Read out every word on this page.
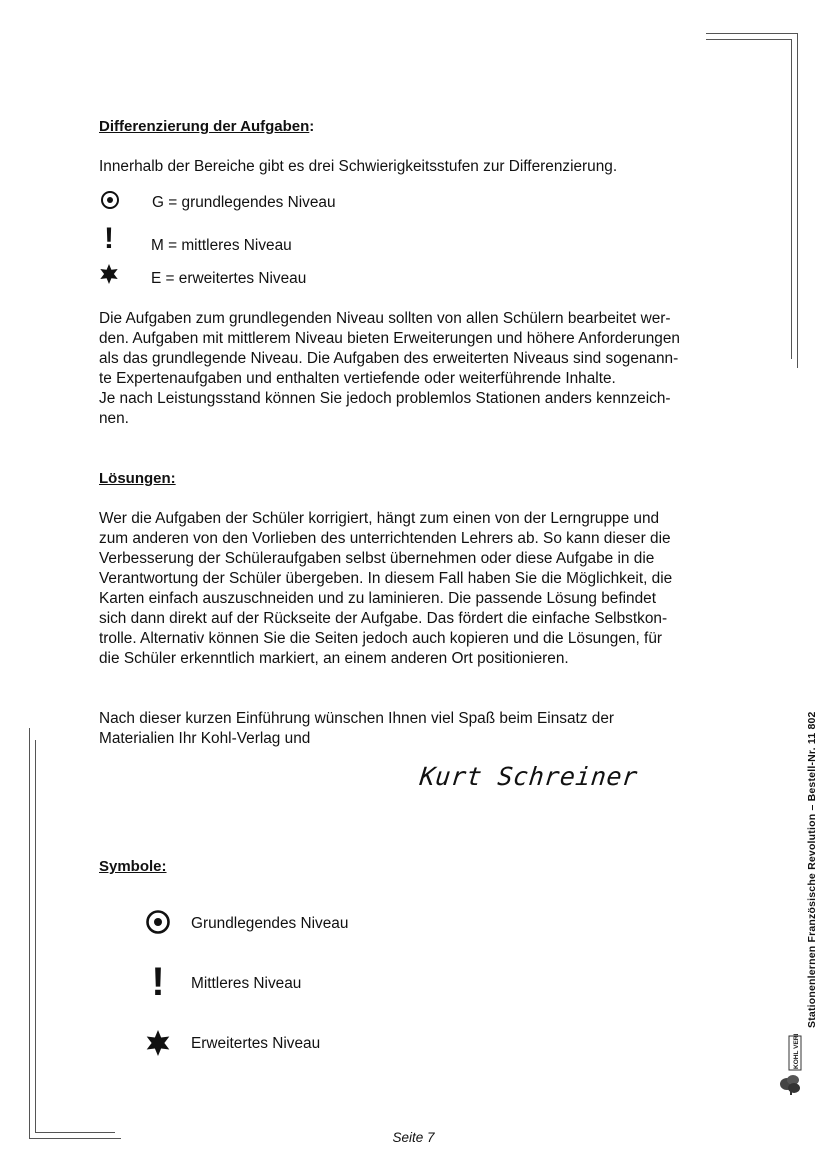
Differenzierung der Aufgaben:

Innerhalb der Bereiche gibt es drei Schwierigkeitsstufen zur Differenzierung.

G = grundlegendes Niveau
!	M = mittleres Niveau
E = erweitertes Niveau

Die Aufgaben zum grundlegenden Niveau sollten von allen Schülern bearbeitet wer-
den. Aufgaben mit mittlerem Niveau bieten Erweiterungen und höhere Anforderungen
als das grundlegende Niveau. Die Aufgaben des erweiterten Niveaus sind sogenann-
te Expertenaufgaben und enthalten vertiefende oder weiterführende Inhalte.
Je nach Leistungsstand können Sie jedoch problemlos Stationen anders kennzeich-
nen.

Lösungen:

Wer die Aufgaben der Schüler korrigiert, hängt zum einen von der Lerngruppe und
zum anderen von den Vorlieben des unterrichtenden Lehrers ab. So kann dieser die
Verbesserung der Schüleraufgaben selbst übernehmen oder diese Aufgabe in die
Verantwortung der Schüler übergeben. In diesem Fall haben Sie die Möglichkeit, die
Karten einfach auszuschneiden und zu laminieren. Die passende Lösung befindet
sich dann direkt auf der Rückseite der Aufgabe. Das fördert die einfache Selbstkon-
trolle. Alternativ können Sie die Seiten jedoch auch kopieren und die Lösungen, für
die Schüler erkenntlich markiert, an einem anderen Ort positionieren.

Nach dieser kurzen Einführung wünschen Ihnen viel Spaß beim Einsatz der
Materialien Ihr Kohl-Verlag und

Kurt Schreiner
Symbole:
Grundlegendes Niveau
!	Mittleres Niveau
Erweitertes Niveau
Stationenlernen Französische Revolution – Bestell-Nr. 11 802
KOHL VERLAG
Seite 7
